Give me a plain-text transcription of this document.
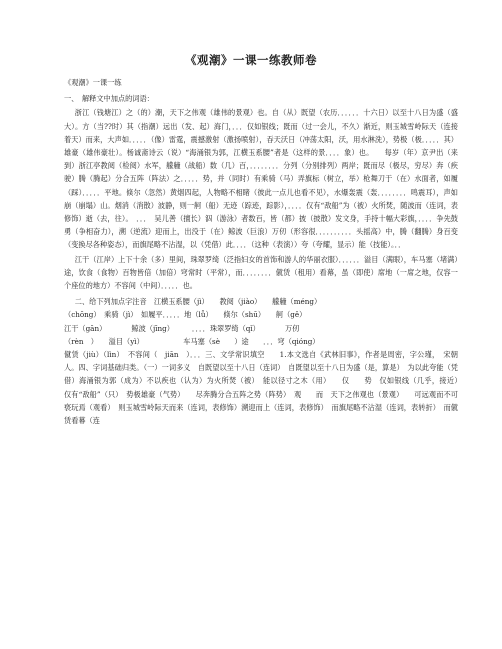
《观潮》一课一练教师卷

《观潮》一课一练

一、　解释文中加点的词语：

浙江（钱塘江）之（的）潮，天下之伟观（雄伟的景观）也。自（从）既望（农历．．．．．．十六日）以至十八日为盛（盛大）。方（当??时）其（指潮）远出（发、起）海门，．．．仅如银线；既而（过一会儿，不久）渐近，则玉城雪岭际天（连接着天）而来，大声如．．．．．（像）雷霆，震撼激射（激扬喷射），吞天沃日（冲荡太阳，沃，用水淋洗），势极（极．．．．．其）雄豪（雄伟豪壮）。杨诚斋诗云（说）“海涌银为郭，江横玉系腰”者是（这样的景．．．．象）也。　　每岁（年）京尹出（来到）浙江亭教阅（检阅）水军，艨艟（战船）数（几）百，．．．．．．．．分列（分别排列）两岸；既而尽（极尽，穷尽）奔（疾驶）腾（腾起）分合五阵（阵法）之．．．．．势，并（同时）有乘骑（马）弄旗标（树立，举）枪舞刀于（在）水面者，如履（踩）．．．．．平地。倏尔（忽然）黄烟四起，人物略不相睹（彼此一点儿也看不见），水爆轰震（轰．．．．．．．．鸣震耳），声如崩（崩塌）山。烟消（消散）波静，则一舸（船）无迹（踪迹，踪影），．．．．仅有“敌船”为（被）火所焚，随波而（连词，表修饰）逝（去，往）。　．．．　吴儿善（擅长）泅（游泳）者数百，皆（都）披（披散）发文身，手持十幅大彩旗，．．．．争先鼓勇（争相奋力），溯（逆流）迎而上，出没于（在）鲸波（巨浪）万仞（形容很．．．．．．．．．．头摇高）中，腾（翻腾）身百变（变换尽各种姿态），而旗尾略不沾湿，以（凭借）此．．．．（这种（表演））夸（夸耀，显示）能（技能）。．．

江干（江岸）上下十余（多）里间，珠翠罗绮（泛指妇女的首饰和游人的华丽衣服）．．．．．．溢目（满眼），车马塞（堵满）途，饮食（食物）百物皆倍（加倍）穹常时（平常），而．．．．．．．．僦赁（租用）看幕，虽（即使）席地（一席之地，仅容一个座位的地方）不容间（中间）．．．．．也。

二、给下列加点字注音　江横玉系腰（jì）　　教阅（jiào）　　艨艟（méng）

（chōng）　乘骑（jì）　如履平．．．．．地（lǚ）　　倏尔（shū）　　舸（gě）

江干（gān）　　　　鲸波（jīng）　　　．．．．珠翠罗绮（qǐ）　　　　万仞

（rèn　）　　溢目（yì）　　　　　　车马塞（sè　　）途　　．．．穹（qióng）

僦赁（jiù）（lìn）　不容间（　jiān　）．．．三、文学常识填空　　1.本文选自《武林旧事》，作者是周密，字公瑾，　宋朝人。四、字词基础归类。（一）一词多义　自既望以至十八日（连词）　自既望以至十八日为盛（是，算是）　为以此夸能（凭借）海涌银为郭（成为）不以疾也（认为）为火所焚（被）　能以径寸之木（用）　　仅　　势　仅如银线（几乎，接近）　　仅有“敌船”（只）　势极雄豪（气势）　　尽奔腾分合五阵之势（阵势）　观　　而　天下之伟观也（景观）　　可远观而不可亵玩焉（观看）　则玉城雪岭际天而来（连词，表修饰）溯迎而上（连词，表修饰）　而旗尾略不沾湿（连词，表转折）　而僦赁看幕（连
